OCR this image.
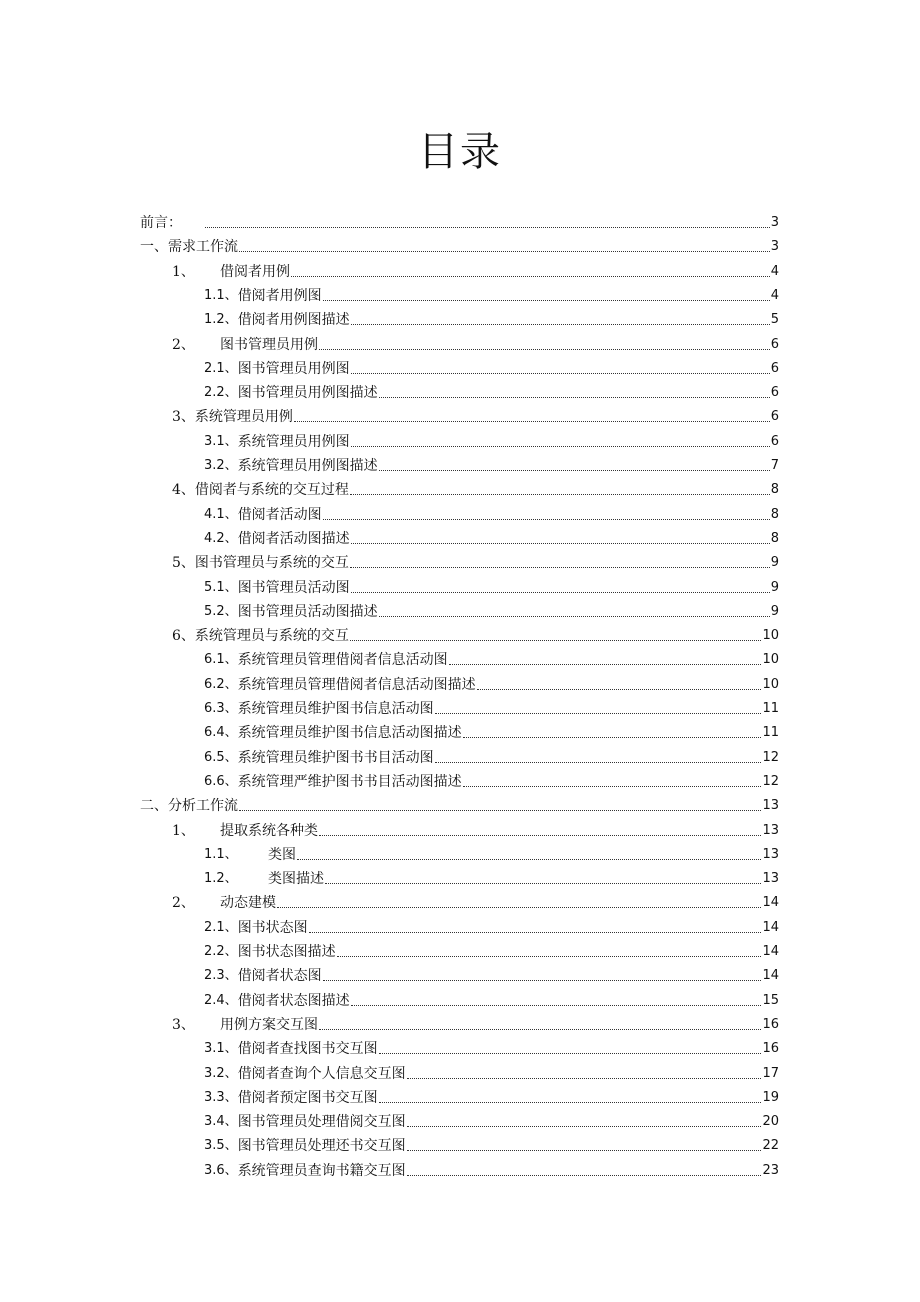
目录
前言：	3
一、 需求工作流	3
1、	借阅者用例	4
1.1、 借阅者用例图	4
1.2、 借阅者用例图描述	5
2、	图书管理员用例	6
2.1、 图书管理员用例图	6
2.2、 图书管理员用例图描述	6
3、 系统管理员用例	6
3.1、 系统管理员用例图	6
3.2、 系统管理员用例图描述	7
4、 借阅者与系统的交互过程	8
4.1、 借阅者活动图	8
4.2、 借阅者活动图描述	8
5、 图书管理员与系统的交互	9
5.1、 图书管理员活动图	9
5.2、 图书管理员活动图描述	9
6、 系统管理员与系统的交互	10
6.1、 系统管理员管理借阅者信息活动图	10
6.2、 系统管理员管理借阅者信息活动图描述	10
6.3、 系统管理员维护图书信息活动图	11
6.4、 系统管理员维护图书信息活动图描述	11
6.5、 系统管理员维护图书书目活动图	12
6.6、 系统管理严维护图书书目活动图描述	12
二、 分析工作流	13
1、	提取系统各种类	13
1.1、	类图	13
1.2、	类图描述	13
2、	动态建模	14
2.1、 图书状态图	14
2.2、 图书状态图描述	14
2.3、 借阅者状态图	14
2.4、 借阅者状态图描述	15
3、	用例方案交互图	16
3.1、 借阅者查找图书交互图	16
3.2、 借阅者查询个人信息交互图	17
3.3、 借阅者预定图书交互图	19
3.4、 图书管理员处理借阅交互图	20
3.5、 图书管理员处理还书交互图	22
3.6、 系统管理员查询书籍交互图	23
